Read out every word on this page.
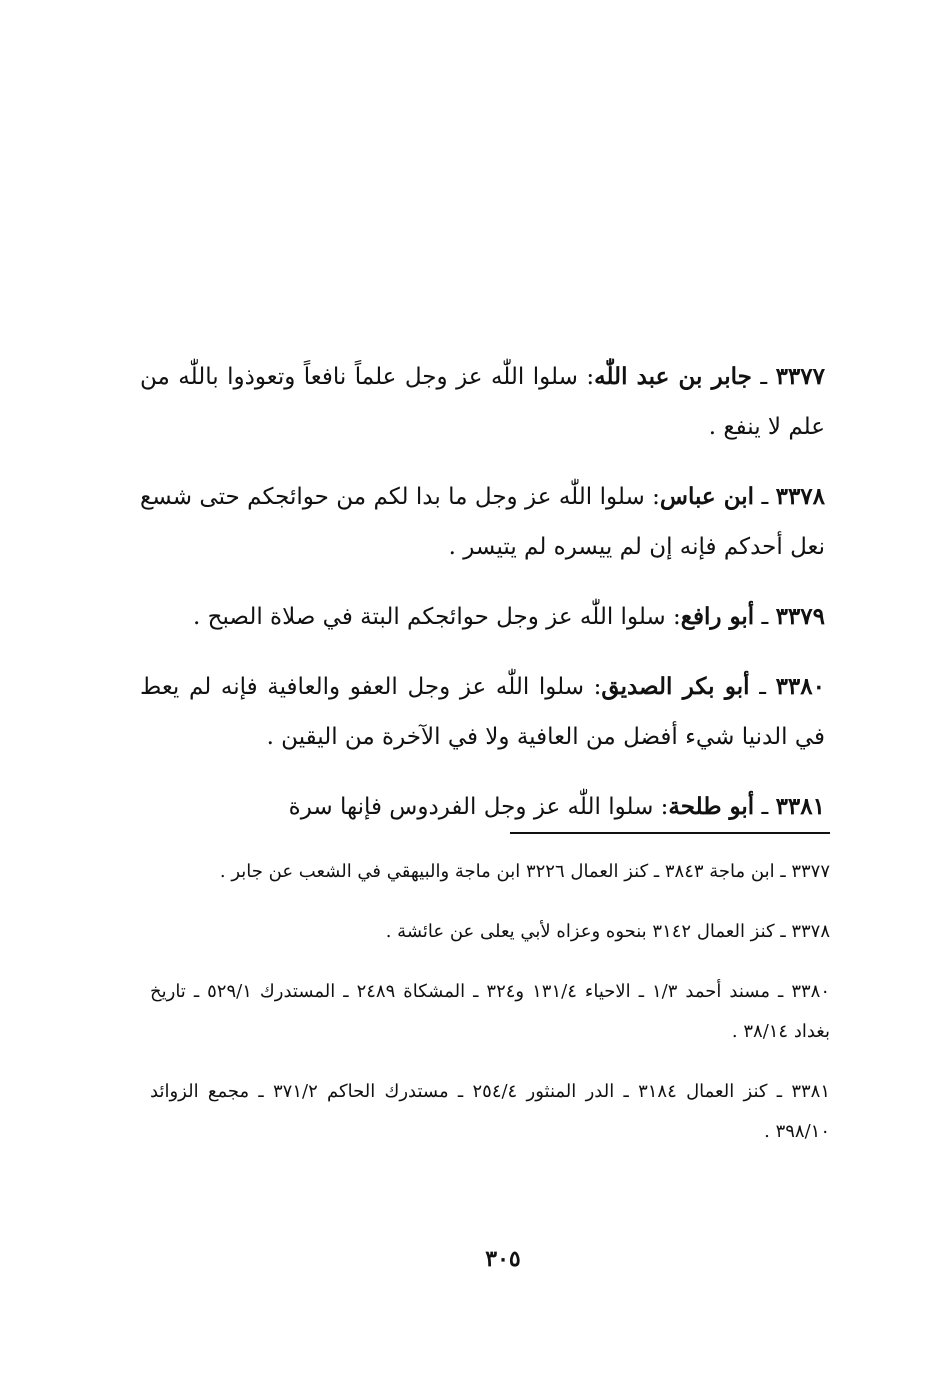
٣٣٧٧ ـ جابر بن عبد اللّٰه: سلوا اللّٰه عز وجل علماً نافعاً وتعوذوا باللّٰه من علم لا ينفع .

٣٣٧٨ ـ ابن عباس: سلوا اللّٰه عز وجل ما بدا لكم من حوائجكم حتى شسع نعل أحدكم فإنه إن لم ييسره لم يتيسر .

٣٣٧٩ ـ أبو رافع: سلوا اللّٰه عز وجل حوائجكم البتة في صلاة الصبح .

٣٣٨٠ ـ أبو بكر الصديق: سلوا اللّٰه عز وجل العفو والعافية فإنه لم يعط في الدنيا شيء أفضل من العافية ولا في الآخرة من اليقين .

٣٣٨١ ـ أبو طلحة: سلوا اللّٰه عز وجل الفردوس فإنها سرة

٣٣٧٧ ـ ابن ماجة ٣٨٤٣ ـ كنز العمال ٣٢٢٦ ابن ماجة والبيهقي في الشعب عن جابر .

٣٣٧٨ ـ كنز العمال ٣١٤٢ بنحوه وعزاه لأبي يعلى عن عائشة .

٣٣٨٠ ـ مسند أحمد ١/٣ ـ الاحياء ١٣١/٤ و٣٢٤ ـ المشكاة ٢٤٨٩ ـ المستدرك ٥٢٩/١ ـ تاريخ بغداد ٣٨/١٤ .

٣٣٨١ ـ كنز العمال ٣١٨٤ ـ الدر المنثور ٢٥٤/٤ ـ مستدرك الحاكم ٣٧١/٢ ـ مجمع الزوائد ٣٩٨/١٠ .

٣٠٥
